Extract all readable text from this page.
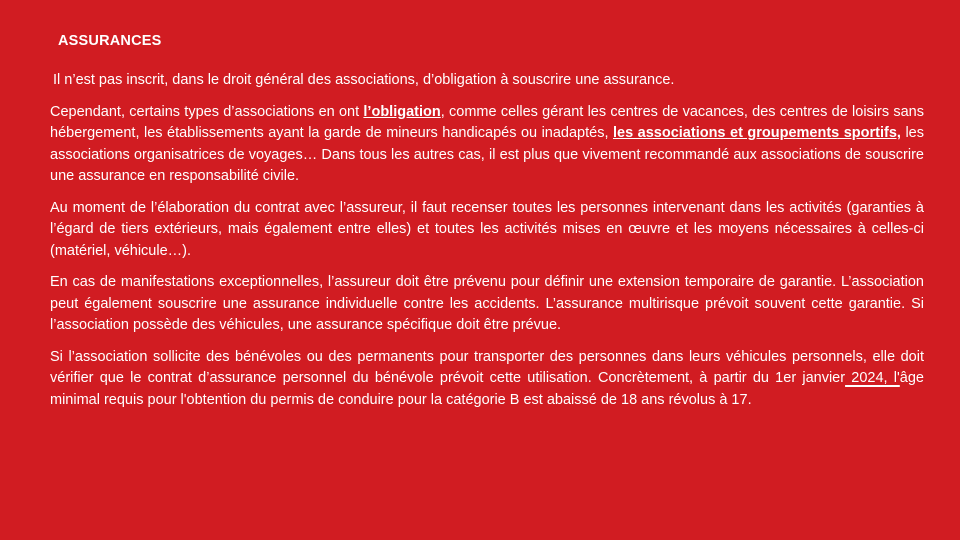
ASSURANCES

Il n’est pas inscrit, dans le droit général des associations, d’obligation à souscrire une assurance.

Cependant, certains types d’associations en ont l’obligation, comme celles gérant les centres de vacances, des centres de loisirs sans hébergement, les établissements ayant la garde de mineurs handicapés ou inadaptés, les associations et groupements sportifs, les associations organisatrices de voyages… Dans tous les autres cas, il est plus que vivement recommandé aux associations de souscrire une assurance en responsabilité civile.

Au moment de l’élaboration du contrat avec l’assureur, il faut recenser toutes les personnes intervenant dans les activités (garanties à l’égard de tiers extérieurs, mais également entre elles) et toutes les activités mises en œuvre et les moyens nécessaires à celles-ci (matériel, véhicule…).

En cas de manifestations exceptionnelles, l’assureur doit être prévenu pour définir une extension temporaire de garantie. L’association peut également souscrire une assurance individuelle contre les accidents. L’assurance multirisque prévoit souvent cette garantie. Si l’association possède des véhicules, une assurance spécifique doit être prévue.

Si l’association sollicite des bénévoles ou des permanents pour transporter des personnes dans leurs véhicules personnels, elle doit vérifier que le contrat d’assurance personnel du bénévole prévoit cette utilisation. Concrètement, à partir du 1er janvier 2024, l'âge minimal requis pour l'obtention du permis de conduire pour la catégorie B est abaissé de 18 ans révolus à 17.
